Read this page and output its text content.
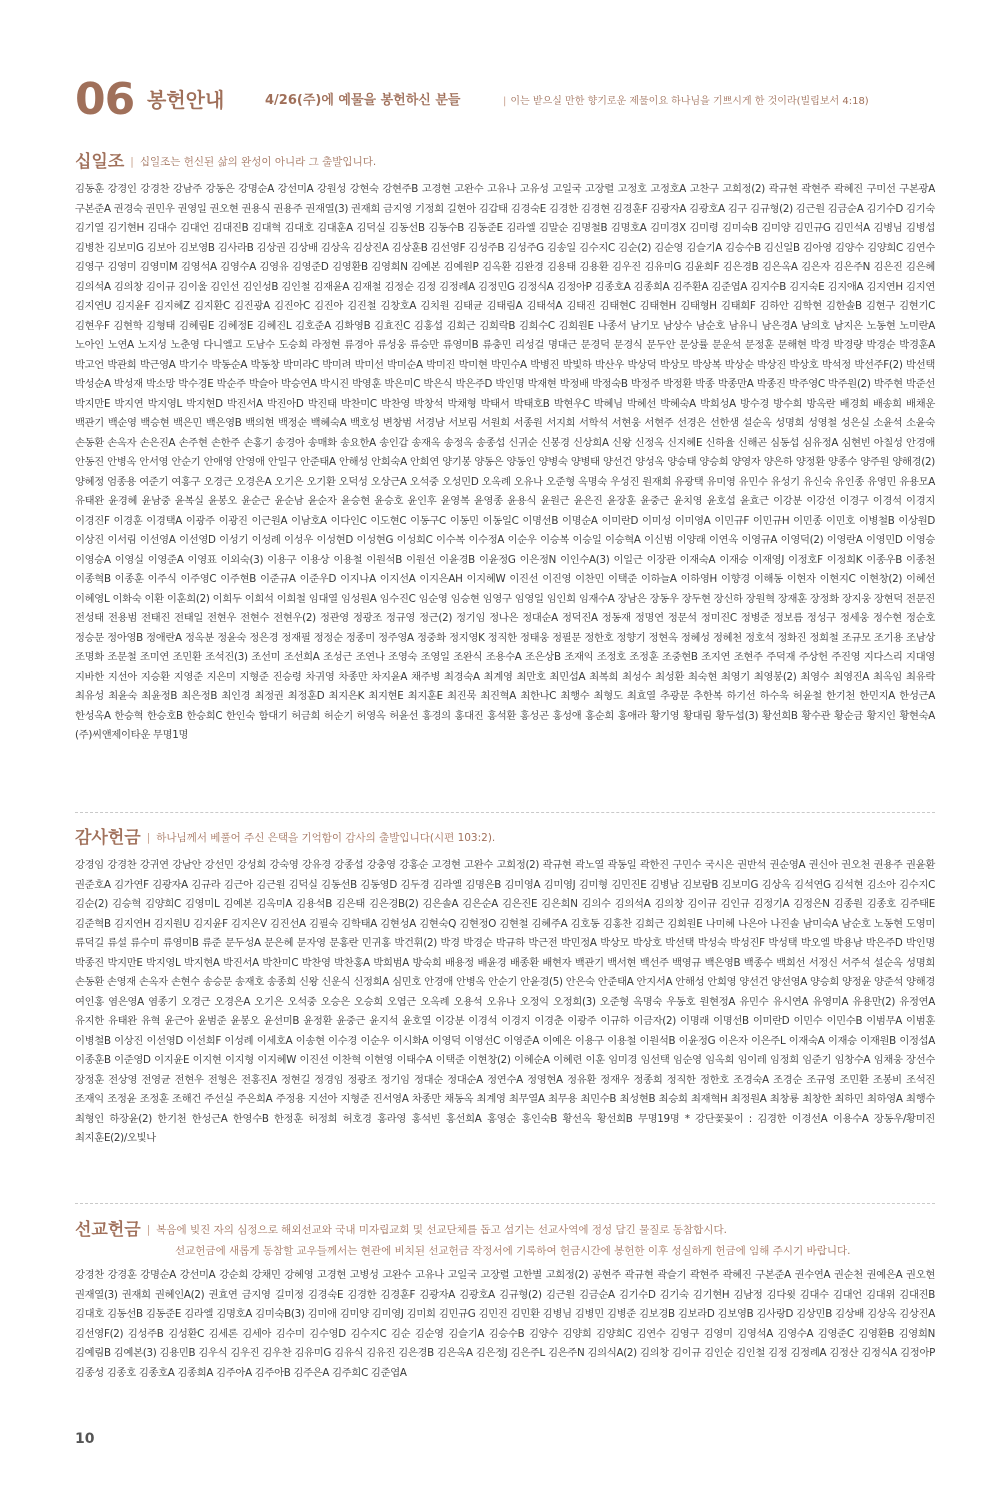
06 봉헌안내	4/26(주)에 예물을 봉헌하신 분들	| 이는 받으실 만한 향기로운 제물이요 하나님을 기쁘시게 한 것이라(빌립보서 4:18)
십일조 | 십일조는 헌신된 삶의 완성이 아니라 그 출발입니다.
김동훈 강경인 강경찬 강남주 강동은 강명순A 강선미A 강원성 강현숙 강현주B 고경현 고완수 고유나 고유성 고일국 고장렬 고정호 고정호A 고찬구 고희정(2) 곽규현 곽현주 곽혜진 구미선 구본광A 구본준A 권경숙 권민우 권영일 권오현 권용식 권용주 권재열(3) 권재희 금지영 기정희 길현아 김갑태 김경숙E 김경한 김경현 김경훈F 김광자A 김광호A 김구 김규형(2) 김근원 김금순A 김기수D 김기숙 김기열 김기현H 김대수 김대언 김대진B 김대혁 김대호 김대훈A 김덕실 김동선B 김동수B 김동준E 김라엘 김말순 김명철B 김명호A 김미경X 김미령 김미숙B 김미양 김민규G 김민석A 김병님 김병섭 김병찬 김보미G 김보아 김보영B 김사라B 김상권 김상배 김상옥 김상진A 김상훈B 김선영F 김성주B 김성주G 김송일 김수지C 김순(2) 김순영 김슬기A 김승수B 김신일B 김아영 김양수 김양희C 김연수 김영구 김영미 김영미M 김영석A 김영수A 김영유 김영준D 김영환B 김영희N 김예본 김예원P 김옥환 김완경 김용태 김용환 김우진 김유미G 김윤희F 김은경B 김은옥A 김은자 김은주N 김은진 김은혜 김의석A 김의창 김이규 김이울 김인선 김인성B 김인철 김재윤A 김재철 김정순 김정 김정례A 김정민G 김정식A 김정아P 김종호A 김종희A 김주환A 김준엽A 김지수B 김지숙E 김지애A 김지연H 김지연 김지연U 김지윤F 김지혜Z 김지환C 김진광A 김진아C 김진아 김진철 김창호A 김치원 김태균 김태림A 김태석A 김태진 김태현C 김태현H 김태형H 김태희F 김하안 김학현 김한솔B 김현구 김현기C 김현우F 김현학 김형태 김혜림E 김혜정E 김혜진L 김호준A 김화영B 김효진C 김홍섭 김희근 김희락B 김희수C 김희원E 나종서 남기모 남상수 남순호 남유니 남은경A 남의호 남지은 노동현 노미란A 노아인 노연A 노지성 노춘영 다니엘고 도남수 도승희 라정현 류경아 류성웅 류승만 류영미B 류충민 리성걸 명대근 문경덕 문경식 문두안 문상률 문운석 문정훈 문해현 박경 박경량 박경순 박경훈A 박고언 박관희 박근영A 박기수 박동순A 박동창 박미라C 박미려 박미선 박미순A 박미진 박미현 박민수A 박병진 박빛하 박산우 박상덕 박상모 박상복 박상순 박상진 박상호 박석정 박선주F(2) 박선택 박성순A 박성재 박소망 박수경E 박순주 박슬아 박승연A 박시진 박영훈 박은미C 박은식 박은주D 박인명 박재현 박정배 박정숙B 박정주 박정환 박종 박종만A 박종진 박주영C 박주원(2) 박주현 박준선 박지만E 박지연 박지영L 박지현D 박진서A 박진아D 박진태 박찬미C 박찬영 박창석 박채형 박태서 박태호B 박현우C 박혜님 박혜선 박혜숙A 박희성A 방수경 방수희 방옥란 배경희 배송희 배채운 백관기 백순영 백승현 백은민 백은영B 백의현 백정순 백혜숙A 백호성 변창범 서경남 서보림 서원희 서종원 서지희 서학석 서현웅 서현주 선경은 선한샘 설순옥 성명희 성영철 성은실 소윤석 소윤숙 손동환 손옥자 손은진A 손주현 손한주 손홍기 송경아 송매화 송요한A 송인갑 송재옥 송정옥 송종섭 신귀순 신봉경 신상희A 신왕 신정옥 신지혜E 신하율 신해곤 심동섭 심유정A 심현빈 아칠성 안경애 안동진 안병옥 안서영 안순기 안애영 안영애 안일구 안준태A 안해성 안희숙A 안희연 양기봉 양동은 양동인 양병숙 양병태 양선건 양성옥 양승태 양승희 양영자 양은하 양정환 양종수 양주원 양해경(2) 양혜정 엄종용 여준기 여홍구 오경근 오경은A 오기은 오기환 오덕성 오상근A 오석중 오성민D 오옥례 오유나 오준형 옥명숙 우성진 원재희 유광택 유미영 유민수 유성기 유신숙 유인종 유영민 유용모A 유태완 윤경혜 윤남중 윤복실 윤봉오 윤순근 윤순남 윤순자 윤승현 윤승호 윤인후 윤영복 윤영종 윤용식 윤원근 윤은진 윤장훈 윤중근 윤치영 윤호섭 윤효근 이강분 이강선 이경구 이경석 이경지 이경진F 이경훈 이경택A 이광주 이광진 이근원A 이남호A 이다인C 이도현C 이동구C 이동민 이동일C 이명선B 이명순A 이미란D 이미성 이미영A 이민규F 이민규H 이민종 이민호 이병철B 이상원D 이상진 이서림 이선영A 이선영D 이성기 이성례 이성우 이성현D 이성현G 이성희C 이수복 이수정A 이순우 이승복 이승일 이승혁A 이신범 이양래 이연옥 이영규A 이영덕(2) 이영란A 이영민D 이영승 이영승A 이영실 이영준A 이영표 이외숙(3) 이용구 이용상 이용철 이원석B 이원선 이윤경B 이윤정G 이은정N 이인수A(3) 이일근 이장관 이재숙A 이재승 이재영J 이정호F 이정희K 이종우B 이종천 이종혁B 이종훈 이주식 이주영C 이주현B 이준규A 이준우D 이지나A 이지선A 이지은AH 이지혜W 이진선 이진영 이찬민 이택준 이하늘A 이하영H 이향경 이해동 이현자 이현지C 이현창(2) 이혜선 이혜영L 이화숙 이환 이훈희(2) 이희두 이희석 이희철 임대열 임성원A 임수진C 임순영 임승현 임영구 임영일 임인희 임재수A 장남은 장동우 장두현 장신하 장원혁 장재훈 장정화 장지웅 장현덕 전문진 전성태 전용범 전태진 전태일 전현우 전현수 전현우(2) 정관영 정광조 정규영 정근(2) 정기임 정나은 정대순A 정덕진A 정동재 정명연 정문석 정미진C 정병준 정보름 정성구 정세웅 정수현 정순호 정승문 정아영B 정애란A 정옥분 정윤숙 정은경 정재필 정정순 정종미 정주영A 정중화 정지영K 정직한 정태웅 정필문 정한호 정향기 정현옥 정혜성 정혜천 정호석 정화진 정희철 조규모 조기용 조남상 조명화 조문철 조미연 조민환 조석진(3) 조선미 조선희A 조성근 조연나 조영숙 조영일 조완식 조용수A 조은상B 조재익 조정호 조정훈 조중현B 조지연 조현주 주덕재 주상헌 주진영 지다스리 지대영 지바한 지선아 지승환 지영준 지은미 지형준 진승령 차귀영 차종만 차지윤A 채주병 최경숙A 최계영 최만호 최민섭A 최복희 최성수 최성환 최숙현 최영기 최영봉(2) 최영수 최영진A 최옥임 최유락 최유성 최윤숙 최윤정B 최은정B 최인경 최정권 최정훈D 최지은K 최지현E 최지훈E 최진묵 최진혁A 최한나C 최행수 최형도 최효열 추광문 추한복 하기선 하수욱 허윤철 한기천 한민지A 한성근A 한성옥A 한승혁 한승호B 한승희C 한인숙 함대기 허금희 허순기 허영옥 허윤선 홍경의 홍대진 홍석환 홍성곤 홍성애 홍순희 홍애라 황기영 황대림 황두섭(3) 황선희B 황수관 황순금 황지인 황현숙A (주)씨앤제이타운 무명1명
감사헌금 | 하나님께서 베풀어 주신 은택을 기억함이 감사의 출발입니다(시편 103:2).
강경임 강경찬 강귀연 강남안 강선민 강성희 강숙영 강유경 강종섭 강충영 강홍순 고경현 고완수 고희정(2) 곽규현 곽노열 곽동일 곽한진 구민수 국시은 권반석 권순영A 권신아 권오천 권용주 권윤환 권준호A 김가연F 김광자A 김규라 김근아 김근원 김덕실 김동선B 김동영D 김두경 김라엘 김명은B 김미영A 김미영J 김미형 김민진E 김병남 김보람B 김보미G 김상옥 김석연G 김석현 김소아 김수지C 김순(2) 김승혁 김양희C 김영미L 김예본 김옥미A 김용석B 김은태 김은경B(2) 김은솔A 김은순A 김은진E 김은희N 김의수 김의석A 김의창 김이규 김인규 김정기A 김정은N 김종원 김종호 김주태E 김준혁B 김지연H 김지원U 김지윤F 김지은V 김진선A 김필숙 김학태A 김현성A 김현숙Q 김현정O 김현철 김혜주A 김호동 김홍찬 김희근 김희원E 나미혜 나은아 나진솔 남미숙A 남순호 노동현 도영미 류덕길 류설 류수미 류영미B 류준 문두성A 문은혜 문자영 문홍란 민귀홍 박건휘(2) 박경 박경순 박규하 박근전 박민정A 박상모 박상호 박선택 박성숙 박성진F 박성택 박오엘 박용남 박은주D 박인명 박종진 박지만E 박지영L 박지현A 박진서A 박찬미C 박찬영 박찬홍A 박희범A 방숙희 배용정 배윤경 배종환 배현자 백관기 백서현 백선주 백영규 백은영B 백종수 백희선 서정신 서주석 설순옥 성명희 손동환 손영재 손옥자 손현수 송승문 송재호 송종희 신왕 신운식 신정희A 심민호 안경애 안병옥 안순기 안윤경(5) 안은숙 안준태A 안지서A 안해성 안희영 양선건 양선영A 양승희 양정윤 양준석 양해경 여인홍 염은영A 염종기 오경근 오경은A 오기은 오석중 오승은 오승희 오엽근 오옥례 오용석 오유나 오정익 오정희(3) 오준형 옥명숙 우동호 원현정A 유민수 유시연A 유영미A 유용만(2) 유정연A 유지한 유태완 유혁 윤근아 윤범준 윤봉오 윤선미B 윤정환 윤중근 윤지석 윤호열 이강분 이경석 이경지 이경춘 이광주 이규하 이금자(2) 이명래 이명선B 이미란D 이민수 이민수B 이범무A 이범훈 이병철B 이상진 이선영D 이선희F 이성례 이세호A 이송현 이수경 이순우 이시화A 이영덕 이영선C 이영준A 이예은 이용구 이용철 이원석B 이윤정G 이은자 이은주L 이재숙A 이재승 이재원B 이정섭A 이종훈B 이준영D 이지윤E 이지현 이지형 이지혜W 이진선 이찬혁 이현영 이태수A 이택준 이현창(2) 이혜순A 이혜련 이훈 임미경 임선택 임순영 임옥희 임이레 임정희 임준기 임창수A 임채웅 장선수 장정훈 전상영 전영균 전현우 전형은 전홍진A 정현길 정경임 정광조 정기임 정대순 정대순A 정연수A 정영현A 정유환 정재우 정종희 정직한 정한호 조경숙A 조경순 조규영 조민환 조봉비 조석진 조재익 조정윤 조정훈 조해건 주선실 주은희A 주정용 지선아 지형준 진서영A 차종만 채동옥 최계영 최무열A 최무용 최민수B 최성현B 최승희 최재혁H 최정원A 최창룡 최창한 최하민 최하영A 최행수 최형인 하장윤(2) 한기천 한성근A 한영수B 한정훈 허정희 허호경 홍라영 홍석빈 홍선희A 홍영순 홍인숙B 황선옥 황선희B 무명19명 * 강단꽃꽂이 : 김경한 이경선A 이용수A 장동우/황미진 최지훈E(2)/오빛나
선교헌금 | 복음에 빚진 자의 심정으로 해외선교와 국내 미자립교회 및 선교단체를 돕고 섬기는 선교사역에 정성 담긴 물질로 동참합시다.
선교헌금에 새롭게 동참할 교우들께서는 현관에 비치된 선교헌금 작정서에 기록하여 헌금시간에 봉헌한 이후 성실하게 헌금에 임해 주시기 바랍니다.
강경찬 강경훈 강명순A 강선미A 강순희 강채민 강혜영 고경현 고병성 고완수 고유나 고일국 고장렬 고한별 고희정(2) 공현주 곽규현 곽슬기 곽현주 곽혜진 구본준A 권수연A 권순천 권예은A 권오현 권재열(3) 권재희 권혜인A(2) 권효연 금지영 길미정 김경숙E 김경한 김경훈F 김광자A 김광호A 김규형(2) 김근원 김금순A 김기수D 김기숙 김기현H 김남정 김다윗 김대수 김대언 김대위 김대진B 김대호 김동선B 김동준E 김라엘 김명호A 김미숙B(3) 김미애 김미양 김미영J 김미희 김민규G 김민진 김민환 김병님 김병민 김병준 김보경B 김보라D 김보영B 김사랑D 김상민B 김상배 김상옥 김상진A 김선영F(2) 김성주B 김성환C 김세론 김세아 김수미 김수영D 김수지C 김순 김순영 김슬기A 김승수B 김양수 김양희 김양희C 김연수 김영구 김영미 김영석A 김영수A 김영준C 김영환B 김영희N 김예림B 김예본(3) 김용민B 김우식 김우진 김우찬 김유미G 김유식 김유진 김은경B 김은옥A 김은정J 김은주L 김은주N 김의식A(2) 김의창 김이규 김인순 김인철 김정 김정례A 김정산 김정식A 김정아P 김종성 김종호 김종호A 김종희A 김주아A 김주아B 김주은A 김주희C 김준엽A
10
